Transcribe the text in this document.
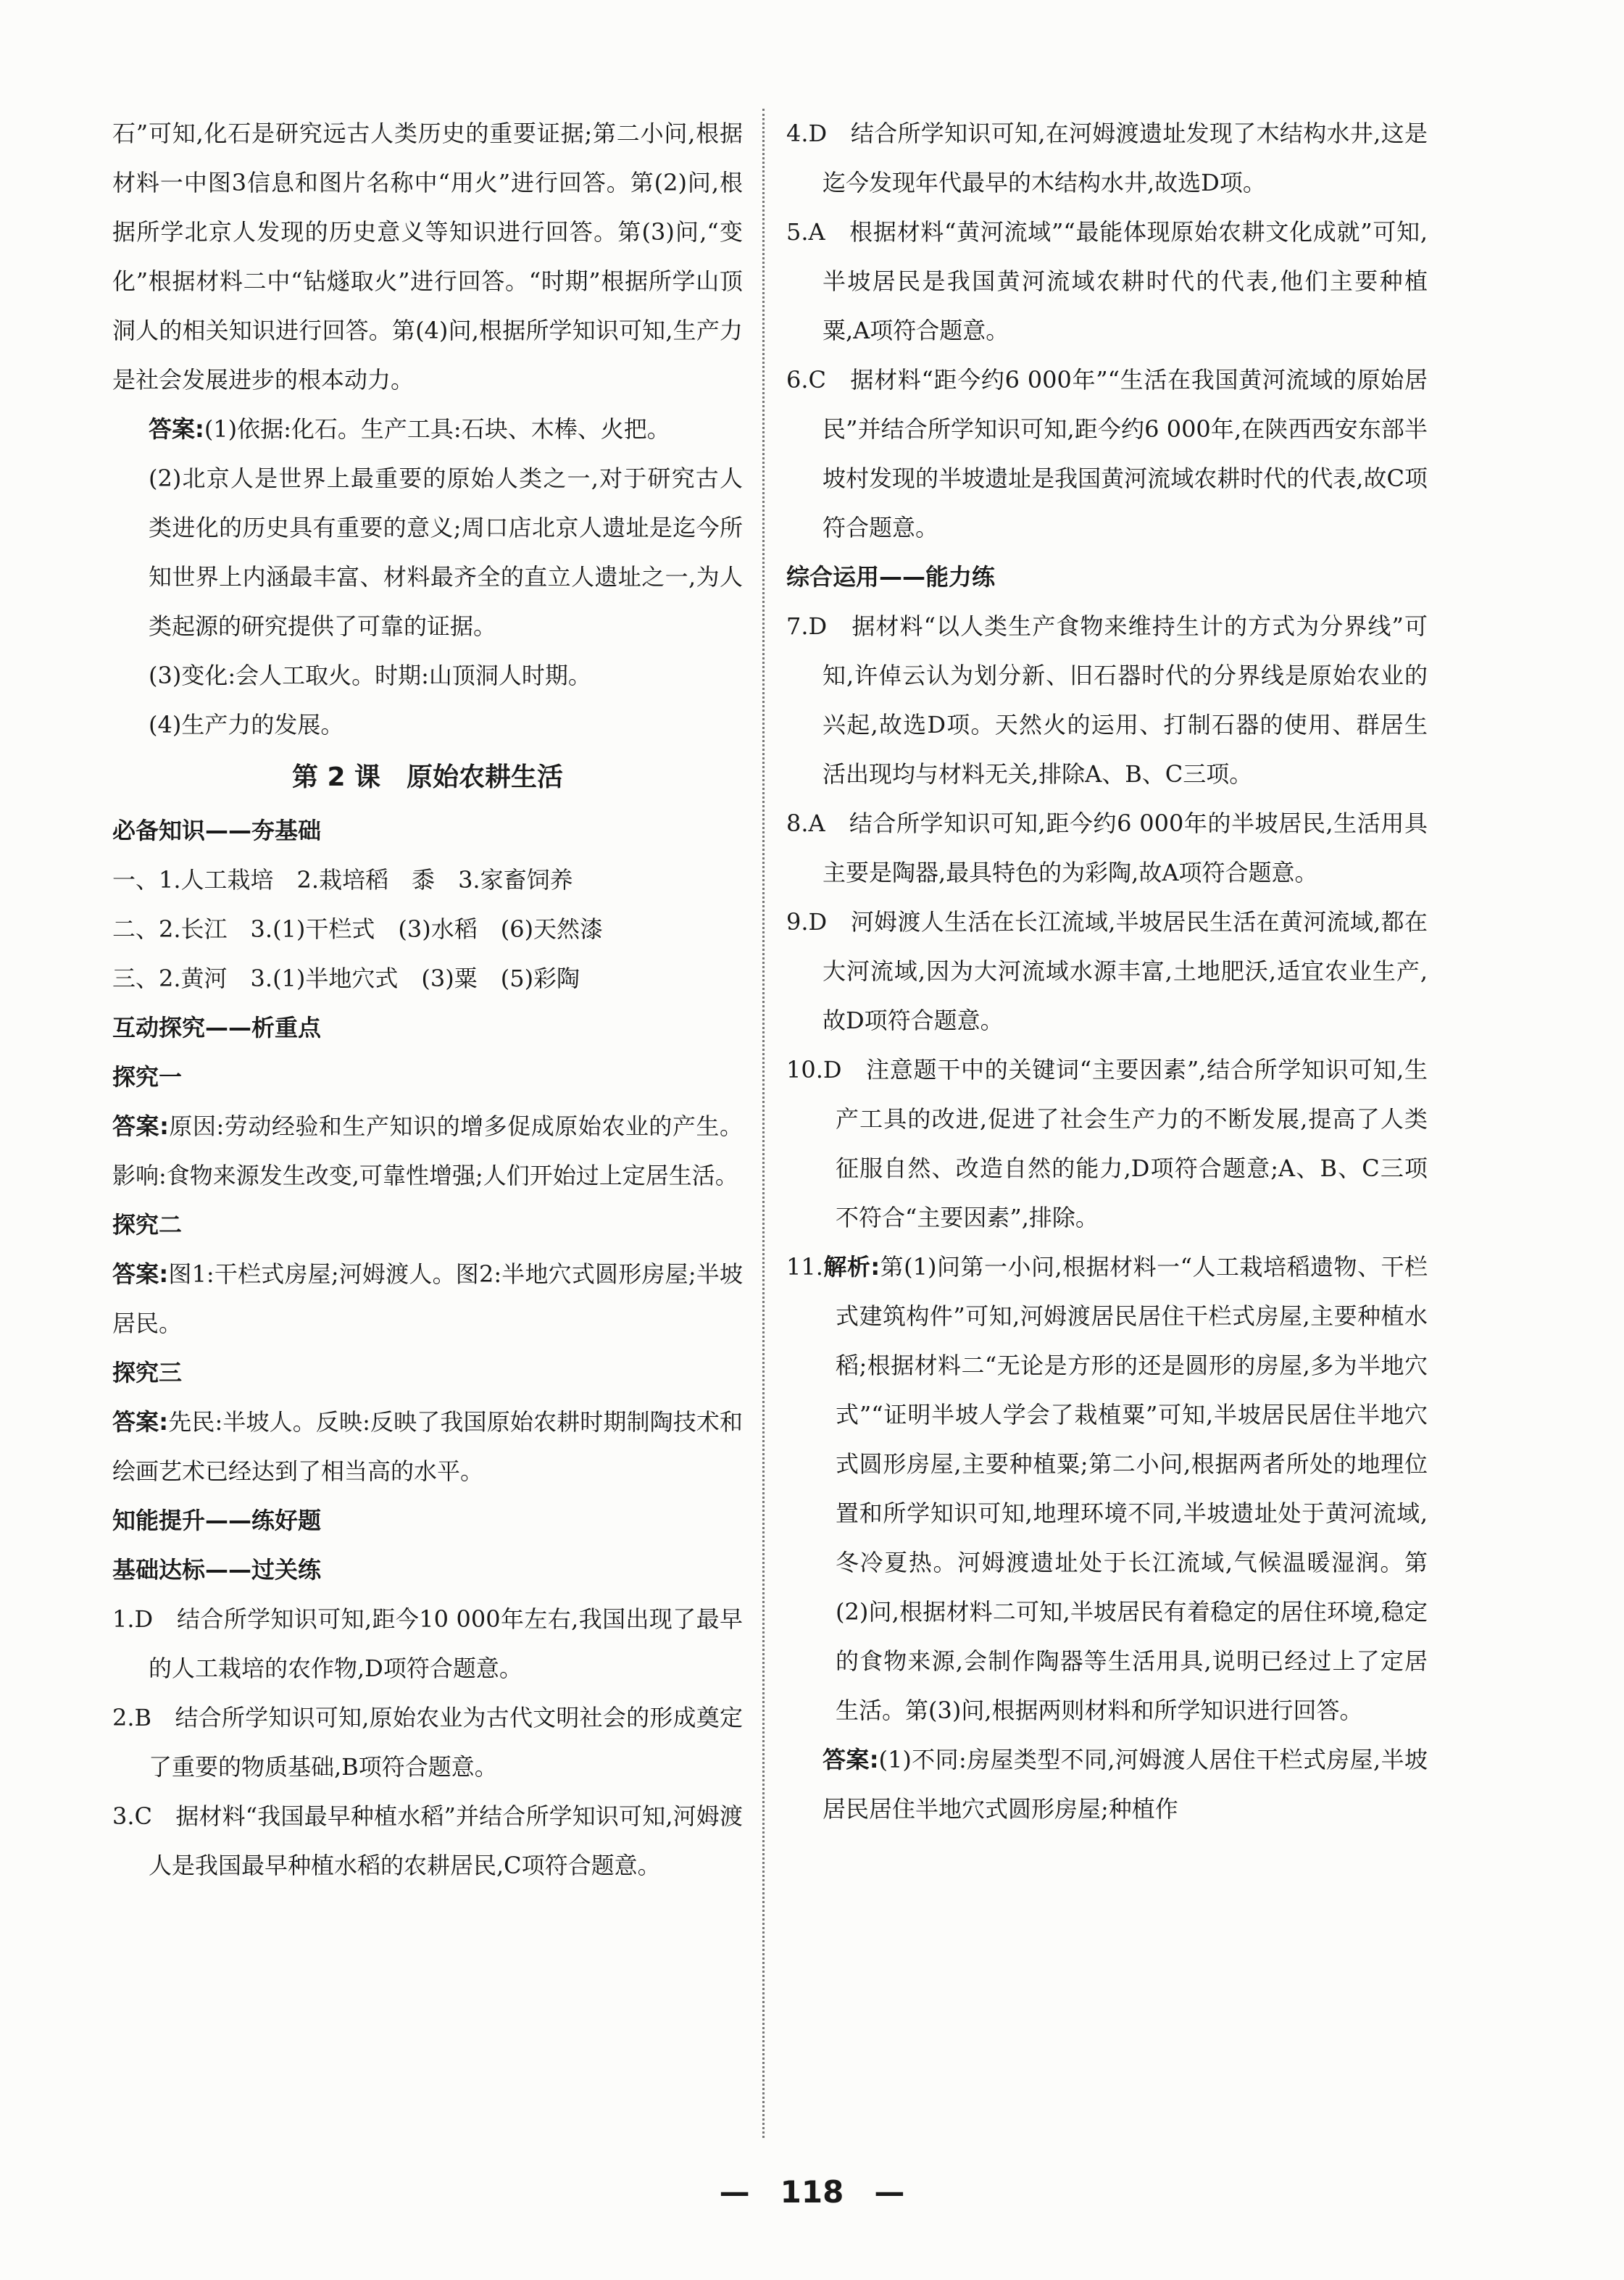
石”可知,化石是研究远古人类历史的重要证据;第二小问,根据材料一中图3信息和图片名称中“用火”进行回答。第(2)问,根据所学北京人发现的历史意义等知识进行回答。第(3)问,“变化”根据材料二中“钻燧取火”进行回答。“时期”根据所学山顶洞人的相关知识进行回答。第(4)问,根据所学知识可知,生产力是社会发展进步的根本动力。

答案:(1)依据:化石。生产工具:石块、木棒、火把。

(2)北京人是世界上最重要的原始人类之一,对于研究古人类进化的历史具有重要的意义;周口店北京人遗址是迄今所知世界上内涵最丰富、材料最齐全的直立人遗址之一,为人类起源的研究提供了可靠的证据。

(3)变化:会人工取火。时期:山顶洞人时期。

(4)生产力的发展。

第 2 课　原始农耕生活
必备知识——夯基础

一、1.人工栽培　2.栽培稻　黍　3.家畜饲养

二、2.长江　3.(1)干栏式　(3)水稻　(6)天然漆

三、2.黄河　3.(1)半地穴式　(3)粟　(5)彩陶

互动探究——析重点
探究一

答案:原因:劳动经验和生产知识的增多促成原始农业的产生。影响:食物来源发生改变,可靠性增强;人们开始过上定居生活。

探究二

答案:图1:干栏式房屋;河姆渡人。图2:半地穴式圆形房屋;半坡居民。

探究三

答案:先民:半坡人。反映:反映了我国原始农耕时期制陶技术和绘画艺术已经达到了相当高的水平。

知能提升——练好题
基础达标——过关练

1.D　结合所学知识可知,距今10 000年左右,我国出现了最早的人工栽培的农作物,D项符合题意。

2.B　结合所学知识可知,原始农业为古代文明社会的形成奠定了重要的物质基础,B项符合题意。

3.C　据材料“我国最早种植水稻”并结合所学知识可知,河姆渡人是我国最早种植水稻的农耕居民,C项符合题意。

4.D　结合所学知识可知,在河姆渡遗址发现了木结构水井,这是迄今发现年代最早的木结构水井,故选D项。

5.A　根据材料“黄河流域”“最能体现原始农耕文化成就”可知,半坡居民是我国黄河流域农耕时代的代表,他们主要种植粟,A项符合题意。

6.C　据材料“距今约6 000年”“生活在我国黄河流域的原始居民”并结合所学知识可知,距今约6 000年,在陕西西安东部半坡村发现的半坡遗址是我国黄河流域农耕时代的代表,故C项符合题意。

综合运用——能力练

7.D　据材料“以人类生产食物来维持生计的方式为分界线”可知,许倬云认为划分新、旧石器时代的分界线是原始农业的兴起,故选D项。天然火的运用、打制石器的使用、群居生活出现均与材料无关,排除A、B、C三项。

8.A　结合所学知识可知,距今约6 000年的半坡居民,生活用具主要是陶器,最具特色的为彩陶,故A项符合题意。

9.D　河姆渡人生活在长江流域,半坡居民生活在黄河流域,都在大河流域,因为大河流域水源丰富,土地肥沃,适宜农业生产,故D项符合题意。

10.D　注意题干中的关键词“主要因素”,结合所学知识可知,生产工具的改进,促进了社会生产力的不断发展,提高了人类征服自然、改造自然的能力,D项符合题意;A、B、C三项不符合“主要因素”,排除。

11.解析:第(1)问第一小问,根据材料一“人工栽培稻遗物、干栏式建筑构件”可知,河姆渡居民居住干栏式房屋,主要种植水稻;根据材料二“无论是方形的还是圆形的房屋,多为半地穴式”“证明半坡人学会了栽植粟”可知,半坡居民居住半地穴式圆形房屋,主要种植粟;第二小问,根据两者所处的地理位置和所学知识可知,地理环境不同,半坡遗址处于黄河流域,冬冷夏热。河姆渡遗址处于长江流域,气候温暖湿润。第(2)问,根据材料二可知,半坡居民有着稳定的居住环境,稳定的食物来源,会制作陶器等生活用具,说明已经过上了定居生活。第(3)问,根据两则材料和所学知识进行回答。

答案:(1)不同:房屋类型不同,河姆渡人居住干栏式房屋,半坡居民居住半地穴式圆形房屋;种植作

—　118　—
